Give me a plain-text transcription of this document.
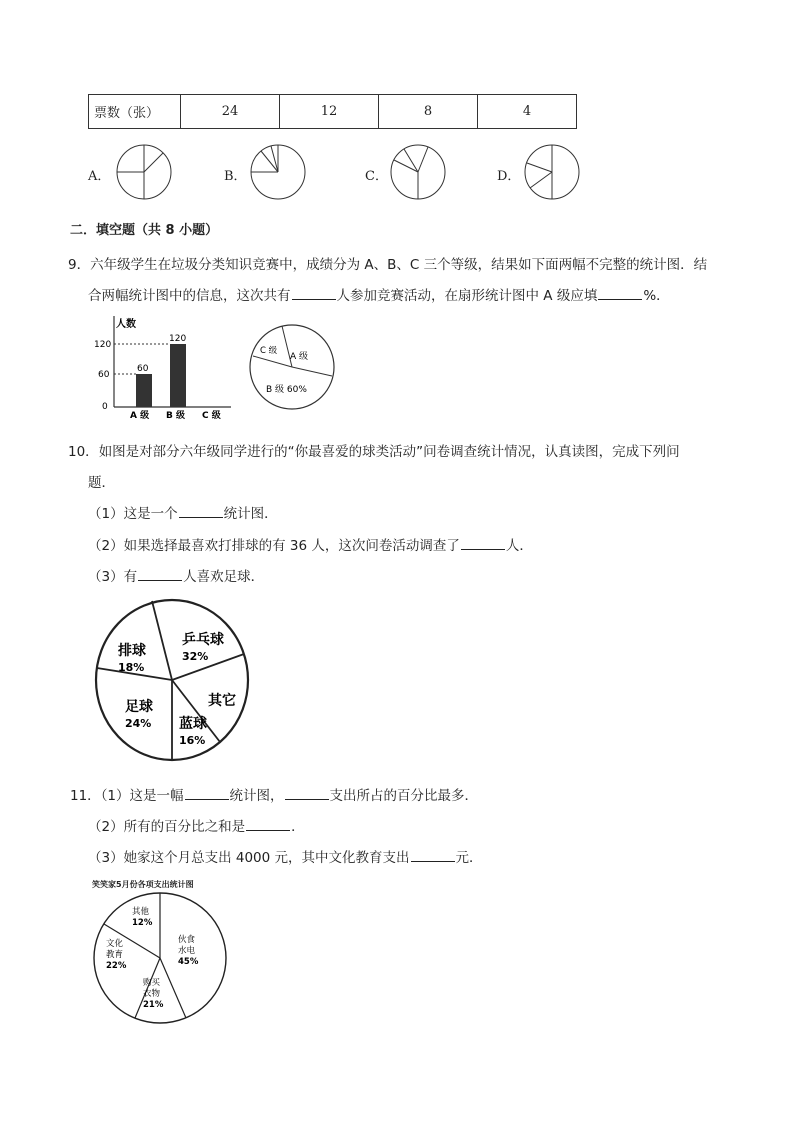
票数（张）	24	12	8	4
A．	B．	C．	D．
二．填空题（共 8 小题）
9．六年级学生在垃圾分类知识竞赛中，成绩分为 A、B、C 三个等级，结果如下面两幅不完整的统计图．结
合两幅统计图中的信息，这次共有	人参加竞赛活动，在扇形统计图中 A 级应填	%．
人数
120
60
0
60
120
A 级 B 级 C 级
C 级
A 级
B 级 60%
10．如图是对部分六年级同学进行的“你最喜爱的球类活动”问卷调查统计情况，认真读图，完成下列问
题．
（1）这是一个	统计图．
（2）如果选择最喜欢打排球的有 36 人，这次问卷活动调查了	人．
（3）有	人喜欢足球．
乒乓球
32%
排球
18%
足球
24% 蓝球
16%
其它
11．（1）这是一幅	统计图，	支出所占的百分比最多．
（2）所有的百分比之和是	．
（3）她家这个月总支出 4000 元，其中文化教育支出	元．
笑笑家5月份各项支出统计图
伙食
水电
45%
购买
衣物
21%
文化
教育
22%
其他
12%
